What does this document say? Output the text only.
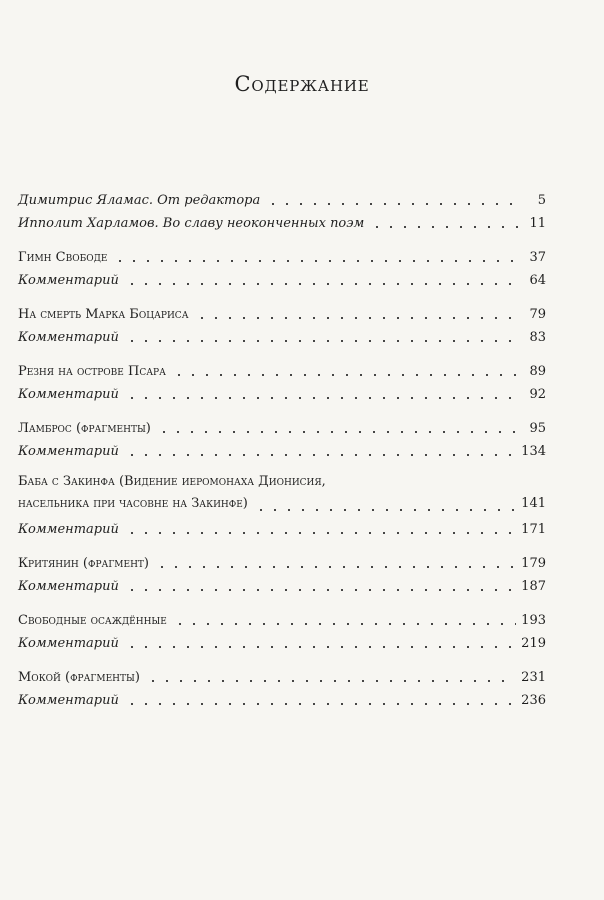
Содержание
Димитрис Яламас. От редактора	5
Ипполит Харламов. Во славу неоконченных поэм	11
Гимн Свободе	37
Комментарий	64
На смерть Марка Боцариса	79
Комментарий	83
Резня на острове Псара	89
Комментарий	92
Ламброс (фрагменты)	95
Комментарий	134
Баба с Закинфа (Видение иеромонаха Дионисия,
насельника при часовне на Закинфе)	141
Комментарий	171
Критянин (фрагмент)	179
Комментарий	187
Свободные осаждённые	193
Комментарий	219
Мокой (фрагменты)	231
Комментарий	236
